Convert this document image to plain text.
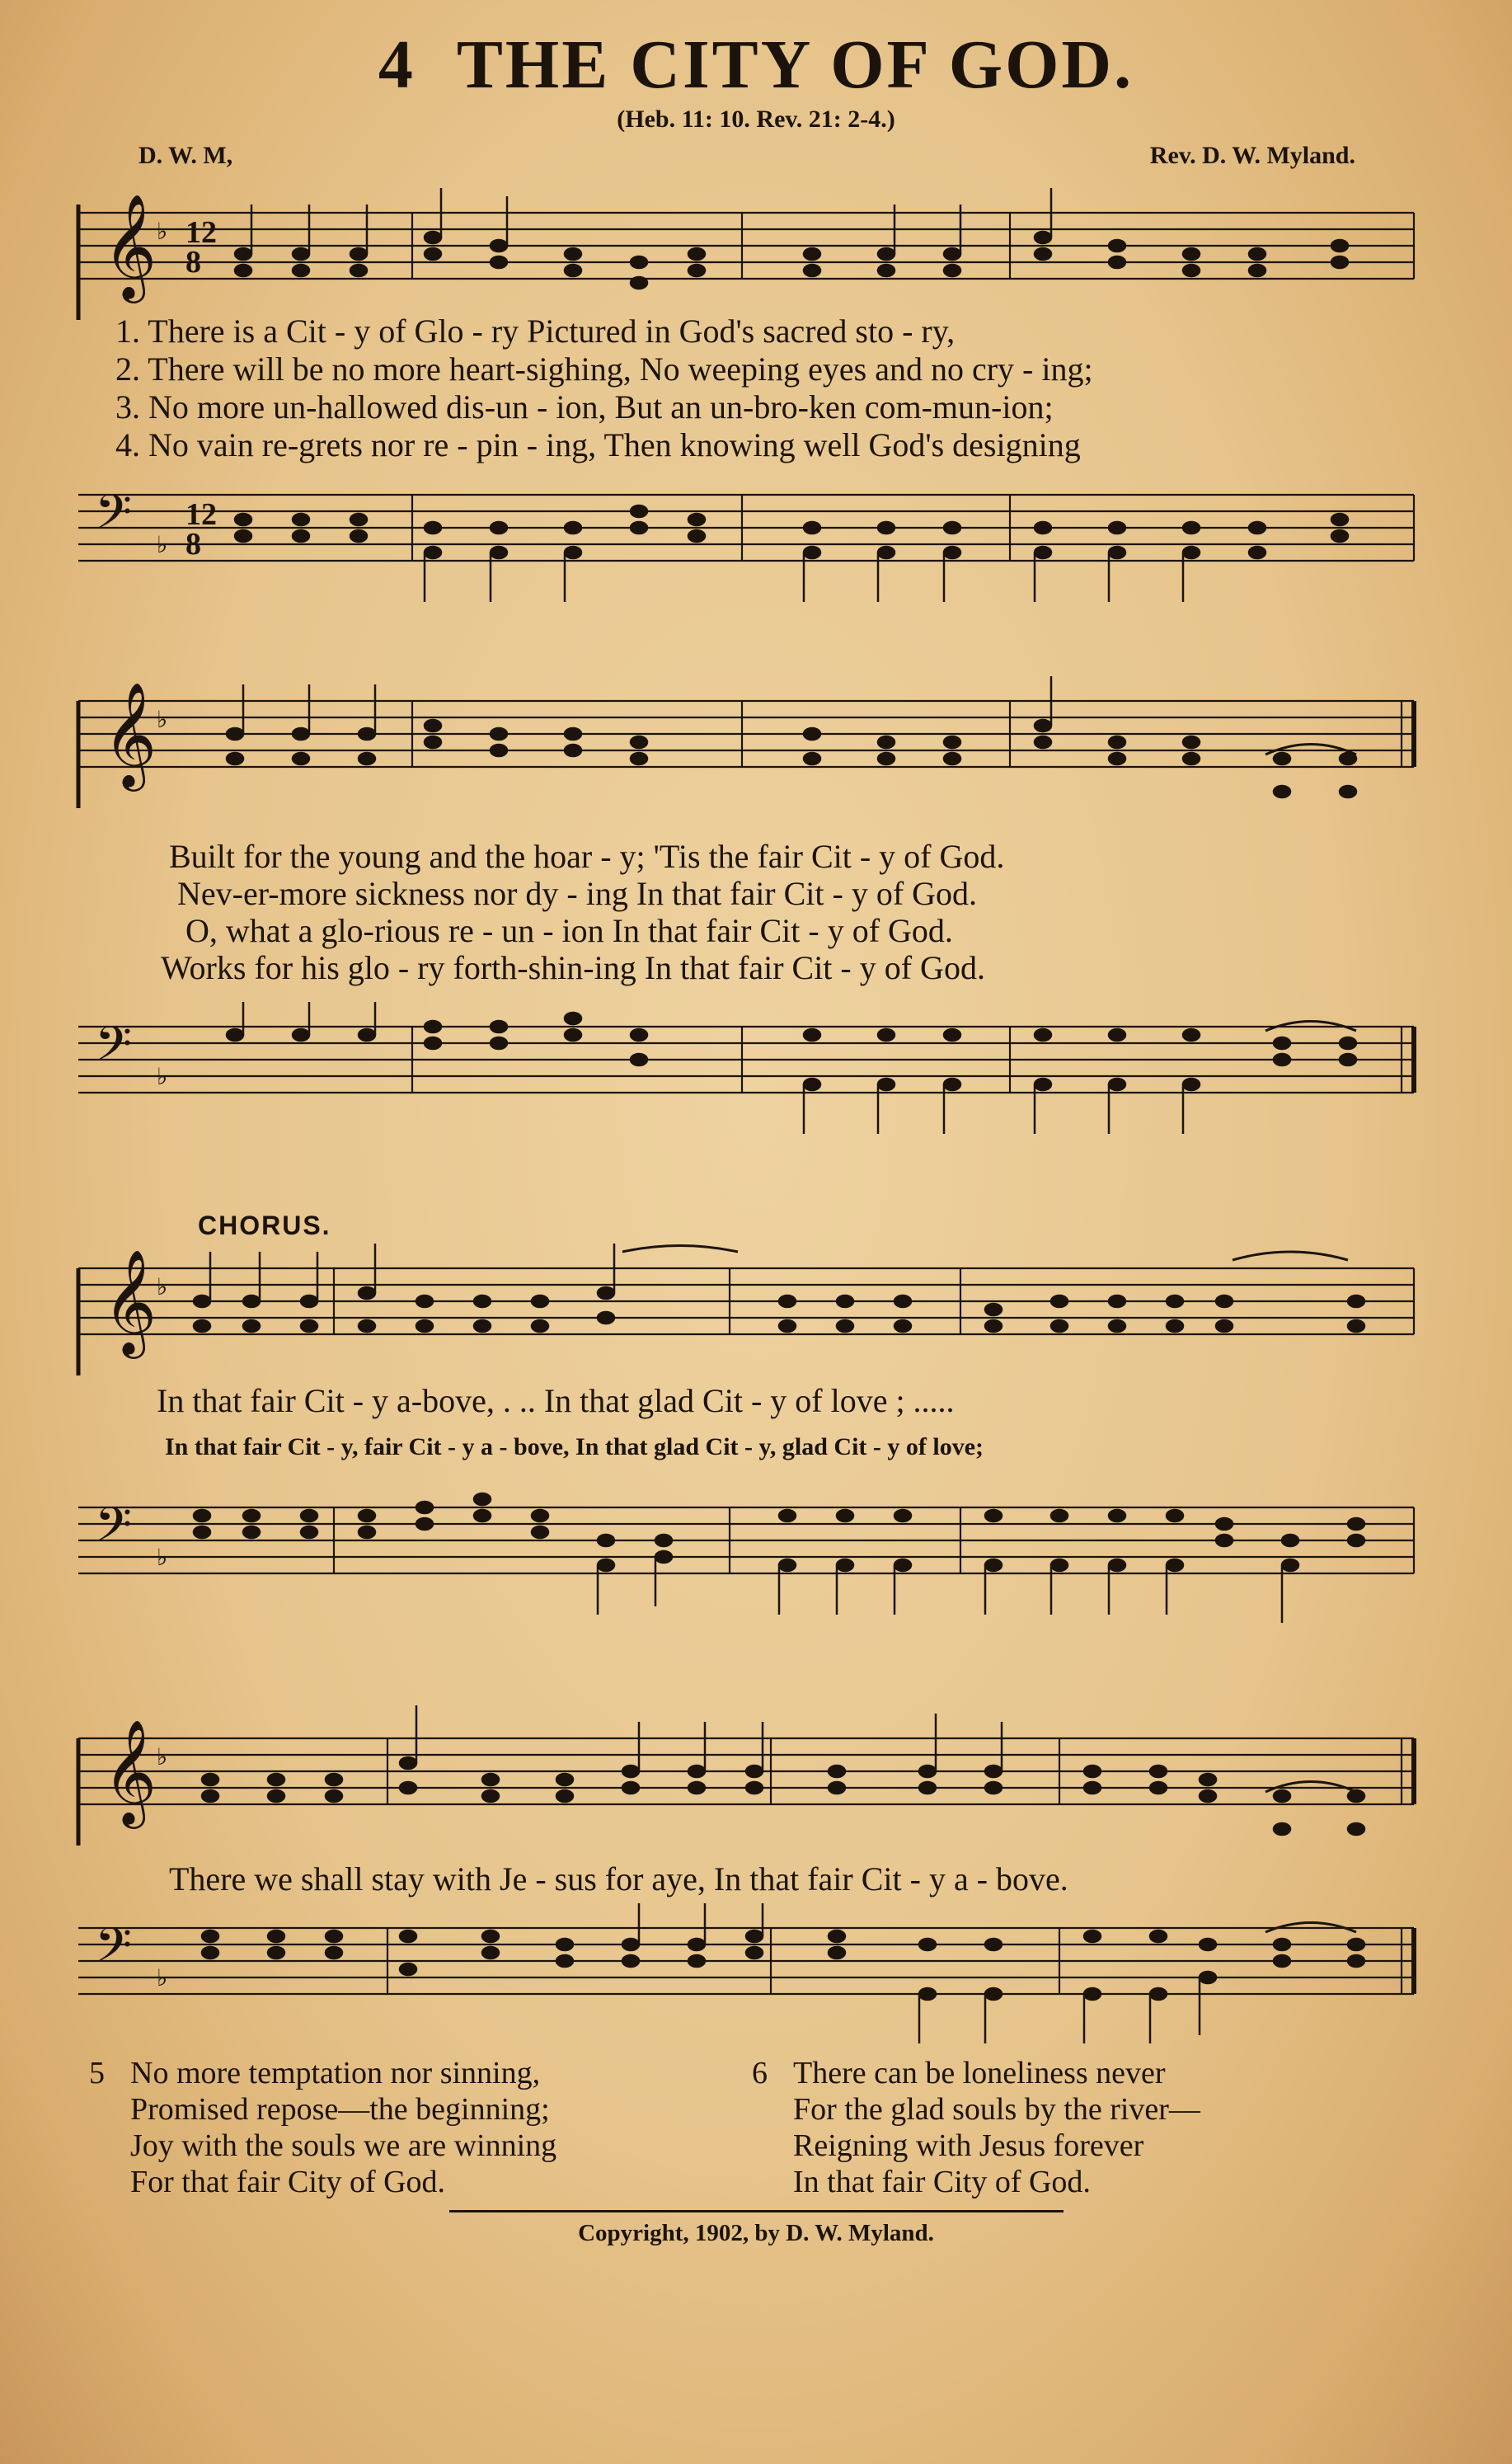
4 THE CITY OF GOD.
(Heb. 11: 10. Rev. 21: 2-4.)
D. W. M,	Rev. D. W. Myland.
𝄞 ♭ 12
8
1. There is a Cit - y of Glo - ry Pictured in God's sacred sto - ry,
2. There will be no more heart-sighing, No weeping eyes and no cry - ing;
3. No more un-hallowed dis-un - ion, But an un-bro-ken com-mun-ion;
4. No vain re-grets nor re - pin - ing, Then knowing well God's designing
𝄢 ♭
12
8
𝄞 ♭
Built for the young and the hoar - y; 'Tis the fair Cit - y of God.
Nev-er-more sickness nor dy - ing In that fair Cit - y of God.
O, what a glo-rious re - un - ion In that fair Cit - y of God.
Works for his glo - ry forth-shin-ing In that fair Cit - y of God.
𝄢 ♭
CHORUS.
𝄞 ♭
In that fair Cit - y a-bove, . .. In that glad Cit - y of love ; .....
In that fair Cit - y, fair Cit - y a - bove, In that glad Cit - y, glad Cit - y of love;
𝄢 ♭
𝄞 ♭
There we shall stay with Je - sus for aye, In that fair Cit - y a - bove.
𝄢 ♭
5 No more temptation nor sinning,
Promised repose—the beginning;
Joy with the souls we are winning
For that fair City of God.
6 There can be loneliness never
For the glad souls by the river—
Reigning with Jesus forever
In that fair City of God.
Copyright, 1902, by D. W. Myland.
